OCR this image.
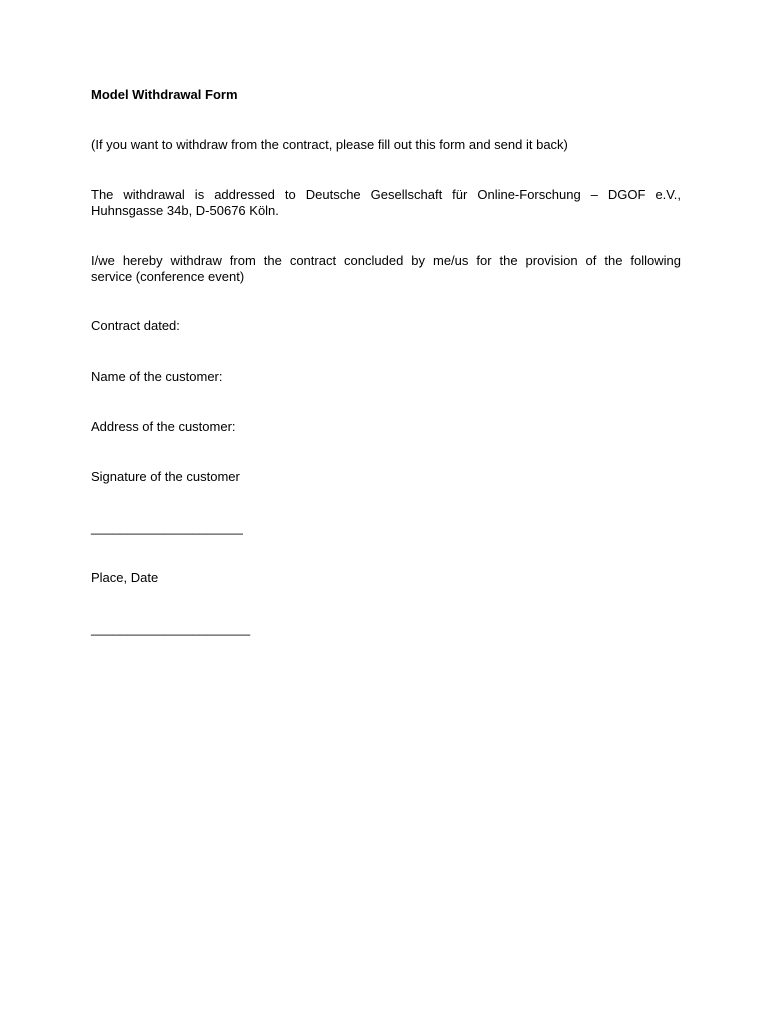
Model Withdrawal Form
(If you want to withdraw from the contract, please fill out this form and send it back)
The withdrawal is addressed to Deutsche Gesellschaft für Online-Forschung – DGOF e.V.,
Huhnsgasse 34b, D-50676 Köln.
I/we hereby withdraw from the contract concluded by me/us for the provision of the following
service (conference event)
Contract dated:
Name of the customer:
Address of the customer:
Signature of the customer
_____________________
Place, Date
______________________
